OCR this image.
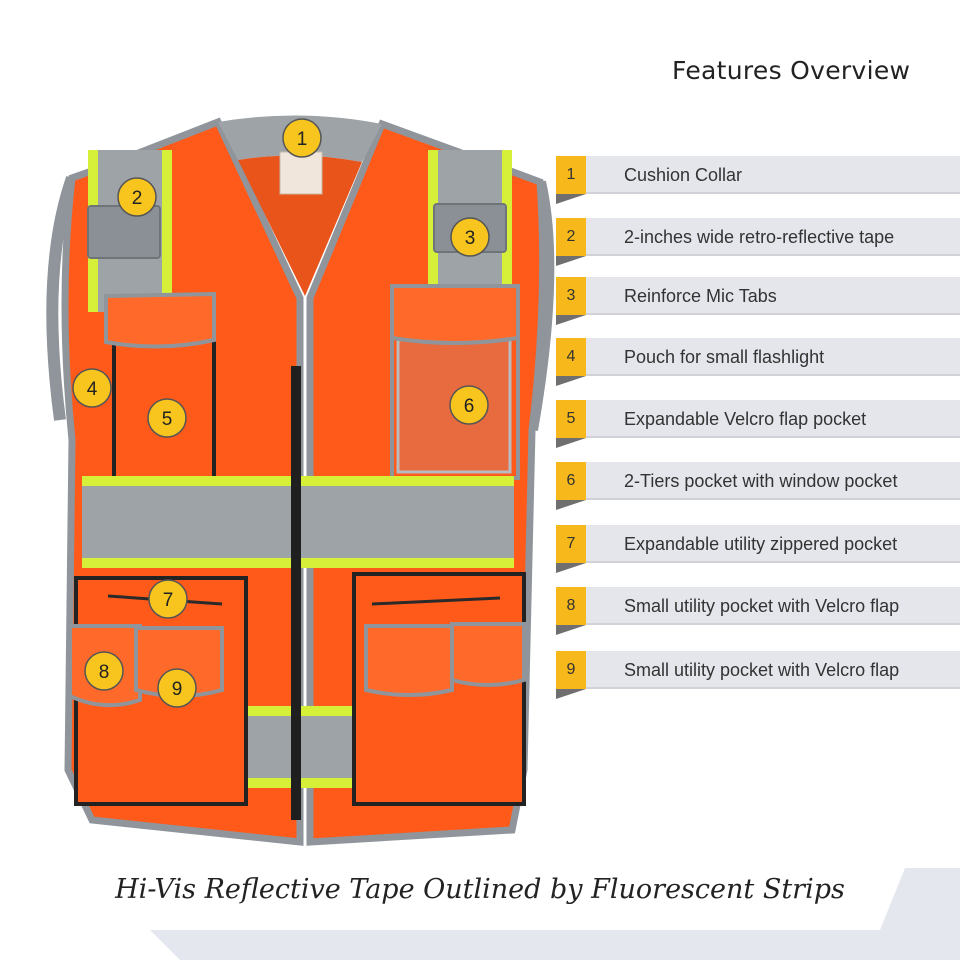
1
2
3
4
5
6
7
8
9
Features Overview
1	Cushion Collar
2	2-inches wide retro-reflective tape
3	Reinforce Mic Tabs
4	Pouch for small flashlight
5	Expandable Velcro flap pocket
6	2-Tiers pocket with window pocket
7	Expandable utility zippered pocket
8	Small utility pocket with Velcro flap
9	Small utility pocket with Velcro flap
Hi-Vis Reflective Tape Outlined by Fluorescent Strips
